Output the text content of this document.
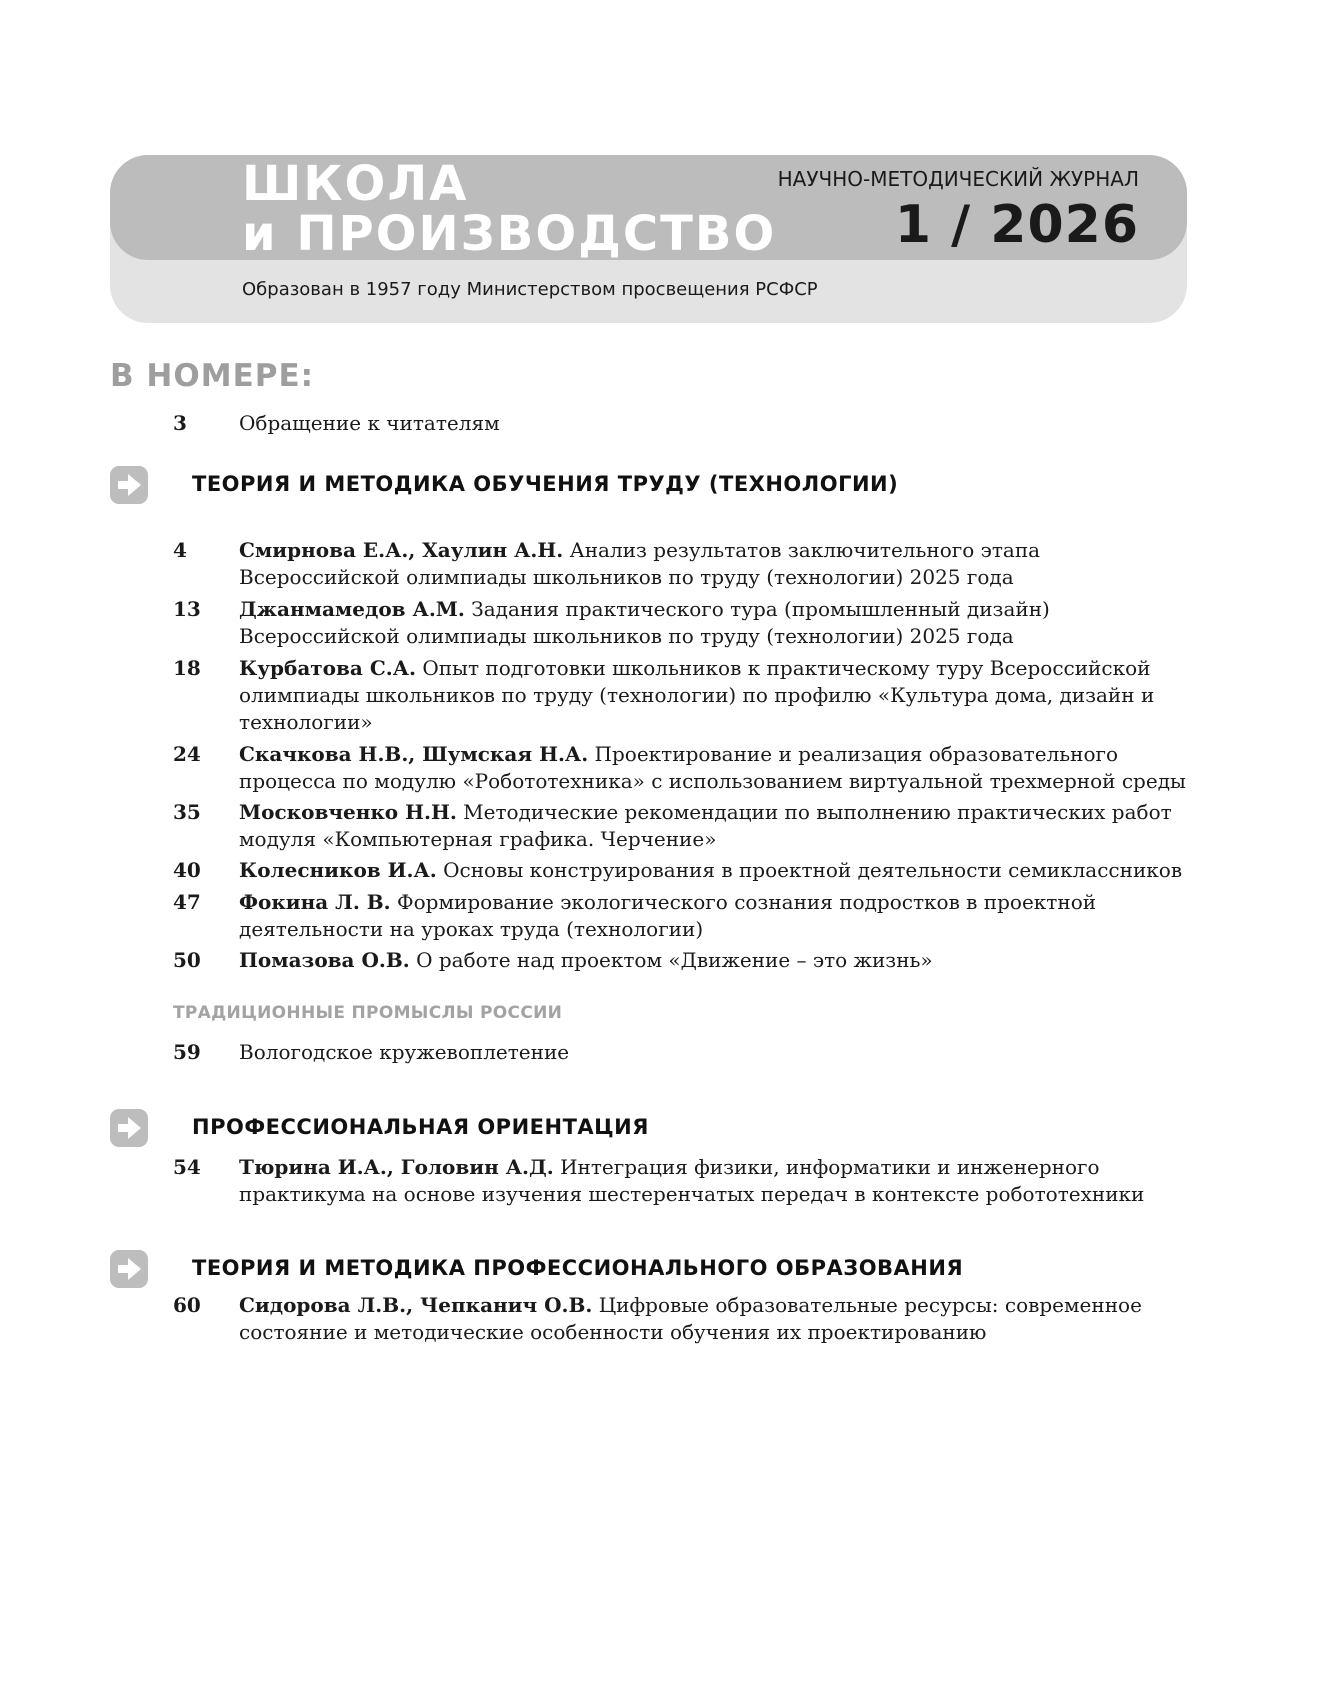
ШКОЛА
и ПРОИЗВОДСТВО
НАУЧНО-МЕТОДИЧЕСКИЙ ЖУРНАЛ
1 / 2026
Образован в 1957 году Министерством просвещения РСФСР
В НОМЕРЕ:
3	Обращение к читателям
ТЕОРИЯ И МЕТОДИКА ОБУЧЕНИЯ ТРУДУ (ТЕХНОЛОГИИ)
4	Смирнова Е.А., Хаулин А.Н. Анализ результатов заключительного этапа Всероссийской олимпиады школьников по труду (технологии) 2025 года
13	Джанмамедов А.М. Задания практического тура (промышленный дизайн) Всероссийской олимпиады школьников по труду (технологии) 2025 года
18	Курбатова С.А. Опыт подготовки школьников к практическому туру Всероссийской олимпиады школьников по труду (технологии) по профилю «Культура дома, дизайн и технологии»
24	Скачкова Н.В., Шумская Н.А. Проектирование и реализация образовательного процесса по модулю «Робототехника» с использованием виртуальной трехмерной среды
35	Московченко Н.Н. Методические рекомендации по выполнению практических работ модуля «Компьютерная графика. Черчение»
40	Колесников И.А. Основы конструирования в проектной деятельности семиклассников
47	Фокина Л. В. Формирование экологического сознания подростков в проектной деятельности на уроках труда (технологии)
50	Помазова О.В. О работе над проектом «Движение – это жизнь»
ТРАДИЦИОННЫЕ ПРОМЫСЛЫ РОССИИ
59	Вологодское кружевоплетение
ПРОФЕССИОНАЛЬНАЯ ОРИЕНТАЦИЯ
54	Тюрина И.А., Головин А.Д. Интеграция физики, информатики и инженерного практикума на основе изучения шестеренчатых передач в контексте робототехники
ТЕОРИЯ И МЕТОДИКА ПРОФЕССИОНАЛЬНОГО ОБРАЗОВАНИЯ
60	Сидорова Л.В., Чепканич О.В. Цифровые образовательные ресурсы: современное состояние и методические особенности обучения их проектированию
